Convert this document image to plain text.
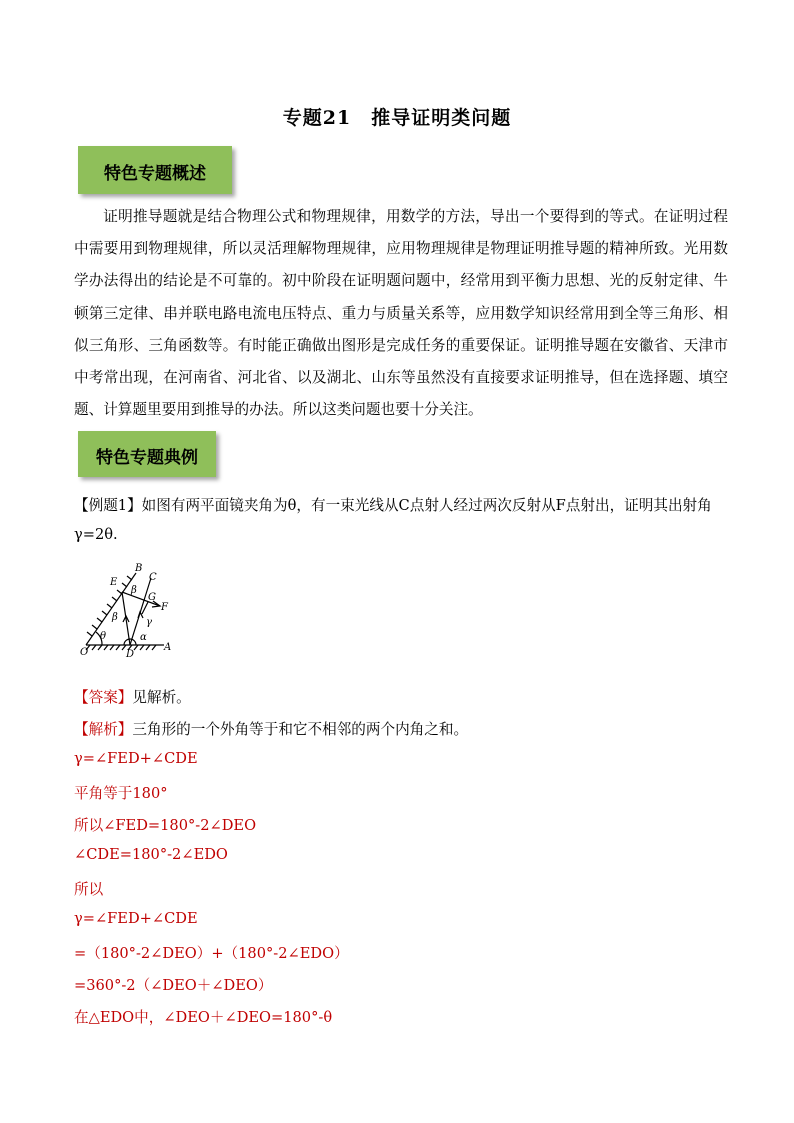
专题21　推导证明类问题
特色专题概述
证明推导题就是结合物理公式和物理规律，用数学的方法，导出一个要得到的等式。在证明过程中需要用到物理规律，所以灵活理解物理规律，应用物理规律是物理证明推导题的精神所致。光用数学办法得出的结论是不可靠的。初中阶段在证明题问题中，经常用到平衡力思想、光的反射定律、牛顿第三定律、串并联电路电流电压特点、重力与质量关系等，应用数学知识经常用到全等三角形、相似三角形、三角函数等。有时能正确做出图形是完成任务的重要保证。证明推导题在安徽省、天津市中考常出现，在河南省、河北省、以及湖北、山东等虽然没有直接要求证明推导，但在选择题、填空题、计算题里要用到推导的办法。所以这类问题也要十分关注。
特色专题典例
【例题1】如图有两平面镜夹角为θ，有一束光线从C点射人经过两次反射从F点射出，证明其出射角
γ=2θ.
E
B
C
G
F
β
β	γ
θ	α
O	D
A
【答案】见解析。
【解析】三角形的一个外角等于和它不相邻的两个内角之和。
γ=∠FED+∠CDE
平角等于180°
所以∠FED=180°-2∠DEO
∠CDE=180°-2∠EDO
所以
γ=∠FED+∠CDE
=（180°-2∠DEO）+（180°-2∠EDO）
=360°-2（∠DEO＋∠DEO）
在△EDO中，∠DEO＋∠DEO=180°-θ
